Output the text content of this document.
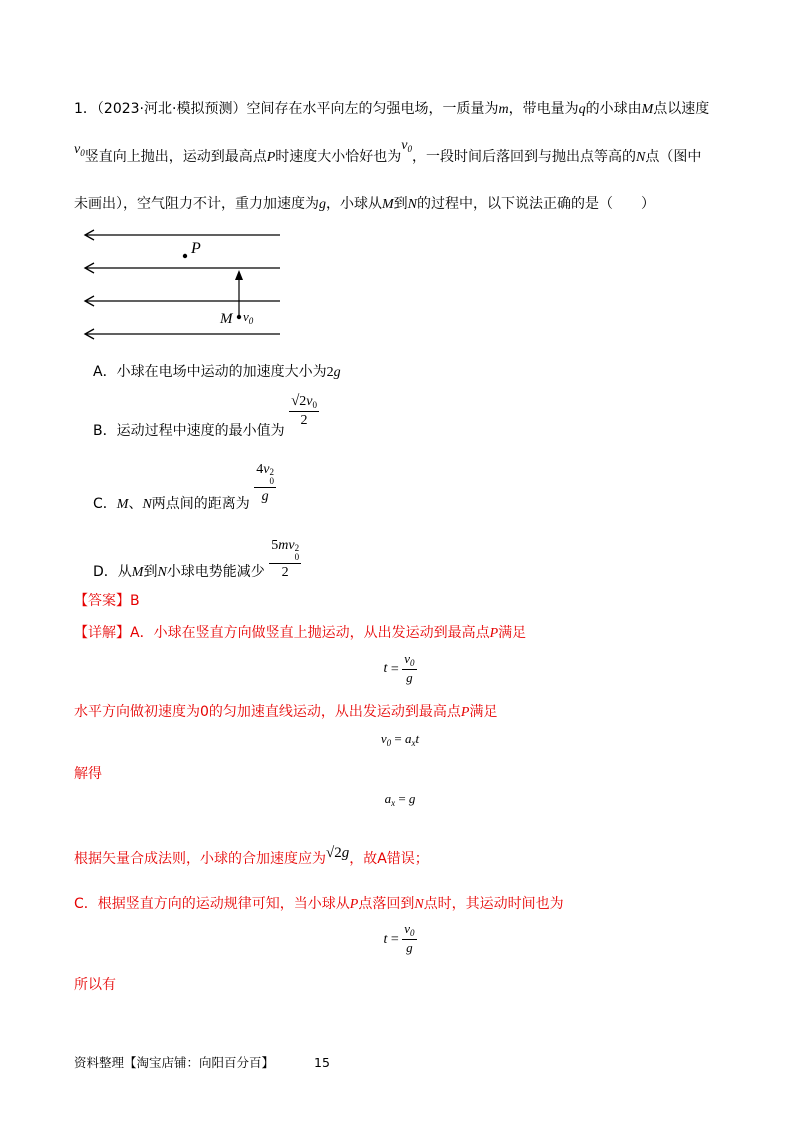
1．（2023·河北·模拟预测）空间存在水平向左的匀强电场，一质量为m，带电量为q的小球由M点以速度
$v_0$竖直向上抛出，运动到最高点P时速度大小恰好也为$v_0$，一段时间后落回到与抛出点等高的N点（图中
未画出），空气阻力不计，重力加速度为g，小球从M到N的过程中，以下说法正确的是（　　）
P
M $v_0$
A．小球在电场中运动的加速度大小为2g
B．运动过程中速度的最小值为
$\frac{√2v_0}{2}$
C．M、N两点间的距离为 4v 2
0
g
D．从M到N小球电势能减少 5mv 2
0
2
【答案】B
【详解】A．小球在竖直方向做竖直上抛运动，从出发运动到最高点P满足
$t = \frac{v_0}{g}$
水平方向做初速度为0的匀加速直线运动，从出发运动到最高点P满足
$v_0 = a_xt$
解得
$a_x = g$
根据矢量合成法则，小球的合加速度应为√2g，故A错误；
C．根据竖直方向的运动规律可知，当小球从P点落回到N点时，其运动时间也为
$t = \frac{v_0}{g}$
所以有
资料整理【淘宝店铺：向阳百分百】	15
